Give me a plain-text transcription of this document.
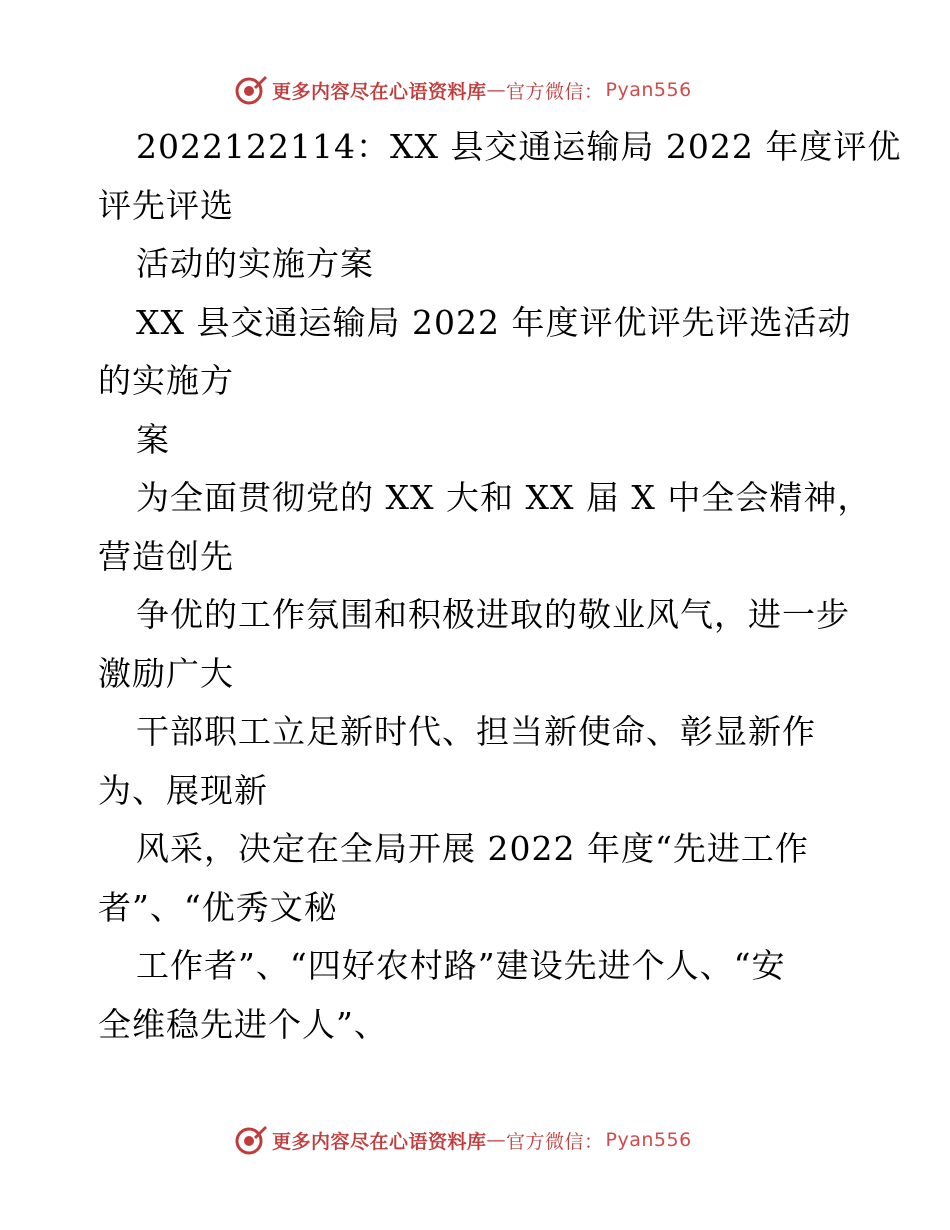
更多内容尽在心语资料库 — 官方微信： Pyan556
2022122114：XX 县交通运输局 2022 年度评优
评先评选
活动的实施方案
XX 县交通运输局 2022 年度评优评先评选活动
的实施方
案
为全面贯彻党的 XX 大和 XX 届 X 中全会精神，
营造创先
争优的工作氛围和积极进取的敬业风气，进一步
激励广大
干部职工立足新时代、担当新使命、彰显新作
为、展现新
风采，决定在全局开展 2022 年度“先进工作
者”、“优秀文秘
工作者”、“四好农村路”建设先进个人、“安
全维稳先进个人”、
更多内容尽在心语资料库 — 官方微信： Pyan556
